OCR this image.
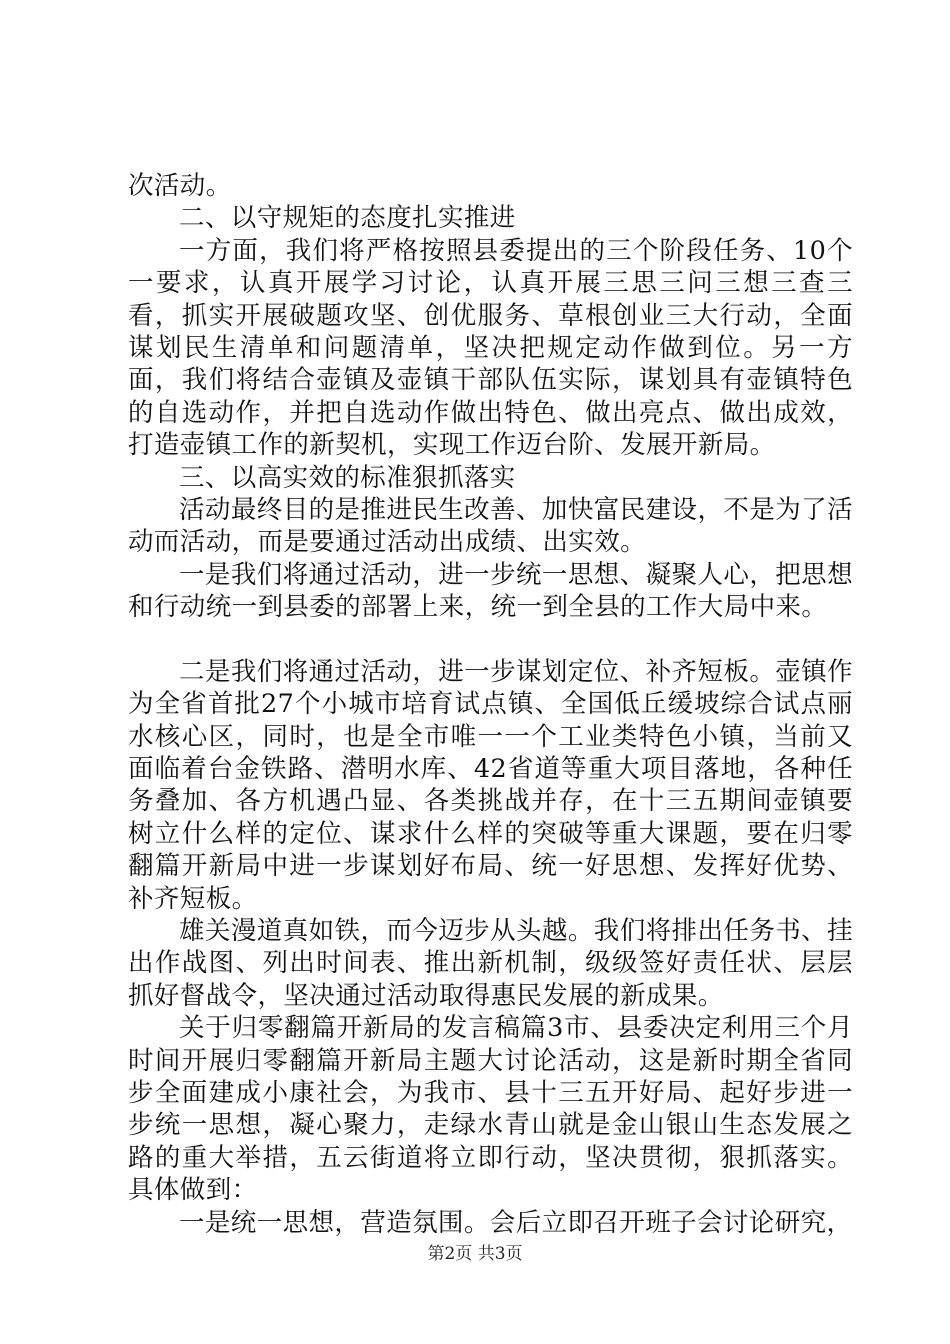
次活动。

二、以守规矩的态度扎实推进

一方面，我们将严格按照县委提出的三个阶段任务、10个一要求，认真开展学习讨论，认真开展三思三问三想三查三看，抓实开展破题攻坚、创优服务、草根创业三大行动，全面谋划民生清单和问题清单，坚决把规定动作做到位。另一方面，我们将结合壶镇及壶镇干部队伍实际，谋划具有壶镇特色的自选动作，并把自选动作做出特色、做出亮点、做出成效，打造壶镇工作的新契机，实现工作迈台阶、发展开新局。

三、以高实效的标准狠抓落实

活动最终目的是推进民生改善、加快富民建设，不是为了活动而活动，而是要通过活动出成绩、出实效。

一是我们将通过活动，进一步统一思想、凝聚人心，把思想和行动统一到县委的部署上来，统一到全县的工作大局中来。

二是我们将通过活动，进一步谋划定位、补齐短板。壶镇作为全省首批27个小城市培育试点镇、全国低丘缓坡综合试点丽水核心区，同时，也是全市唯一一个工业类特色小镇，当前又面临着台金铁路、潜明水库、42省道等重大项目落地，各种任务叠加、各方机遇凸显、各类挑战并存，在十三五期间壶镇要树立什么样的定位、谋求什么样的突破等重大课题，要在归零翻篇开新局中进一步谋划好布局、统一好思想、发挥好优势、补齐短板。

雄关漫道真如铁，而今迈步从头越。我们将排出任务书、挂出作战图、列出时间表、推出新机制，级级签好责任状、层层抓好督战令，坚决通过活动取得惠民发展的新成果。

关于归零翻篇开新局的发言稿篇3市、县委决定利用三个月时间开展归零翻篇开新局主题大讨论活动，这是新时期全省同步全面建成小康社会，为我市、县十三五开好局、起好步进一步统一思想，凝心聚力，走绿水青山就是金山银山生态发展之路的重大举措，五云街道将立即行动，坚决贯彻，狠抓落实。具体做到：

一是统一思想，营造氛围。会后立即召开班子会讨论研究，

第2页 共3页
